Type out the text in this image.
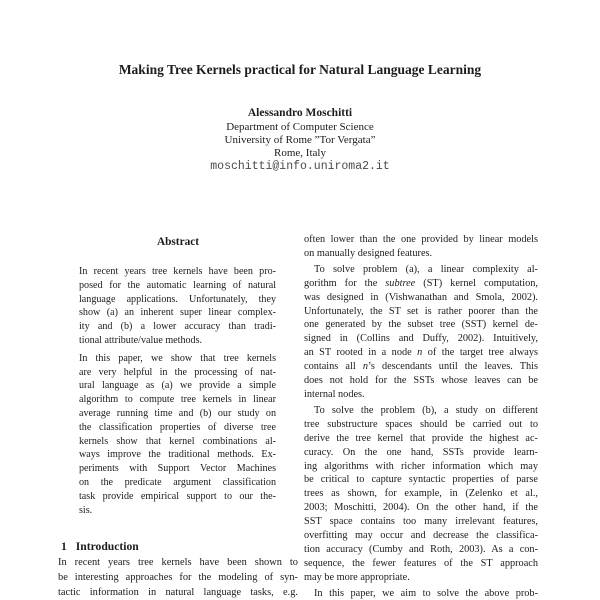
Making Tree Kernels practical for Natural Language Learning
Alessandro Moschitti
Department of Computer Science
University of Rome ”Tor Vergata”
Rome, Italy
moschitti@info.uniroma2.it
Abstract
In recent years tree kernels have been pro-
posed for the automatic learning of natural
language applications. Unfortunately, they
show (a) an inherent super linear complex-
ity and (b) a lower accuracy than tradi-
tional attribute/value methods.
In this paper, we show that tree kernels
are very helpful in the processing of nat-
ural language as (a) we provide a simple
algorithm to compute tree kernels in linear
average running time and (b) our study on
the classification properties of diverse tree
kernels show that kernel combinations al-
ways improve the traditional methods. Ex-
periments with Support Vector Machines
on the predicate argument classification
task provide empirical support to our the-
sis.
1 Introduction
In recent years tree kernels have been shown to
be interesting approaches for the modeling of syn-
tactic information in natural language tasks, e.g.
often lower than the one provided by linear models
on manually designed features.
To solve problem (a), a linear complexity al-
gorithm for the subtree (ST) kernel computation,
was designed in (Vishwanathan and Smola, 2002).
Unfortunately, the ST set is rather poorer than the
one generated by the subset tree (SST) kernel de-
signed in (Collins and Duffy, 2002). Intuitively,
an ST rooted in a node n of the target tree always
contains all n’s descendants until the leaves. This
does not hold for the SSTs whose leaves can be
internal nodes.
To solve the problem (b), a study on different
tree substructure spaces should be carried out to
derive the tree kernel that provide the highest ac-
curacy. On the one hand, SSTs provide learn-
ing algorithms with richer information which may
be critical to capture syntactic properties of parse
trees as shown, for example, in (Zelenko et al.,
2003; Moschitti, 2004). On the other hand, if the
SST space contains too many irrelevant features,
overfitting may occur and decrease the classifica-
tion accuracy (Cumby and Roth, 2003). As a con-
sequence, the fewer features of the ST approach
may be more appropriate.
In this paper, we aim to solve the above prob-
